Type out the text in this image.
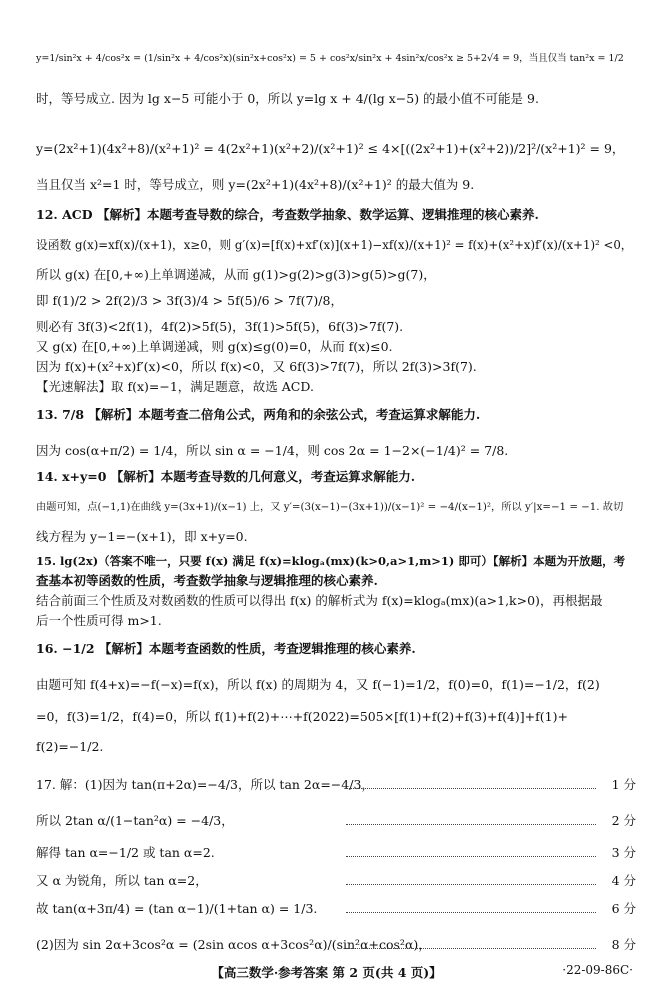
y=1/sin²x + 4/cos²x = (1/sin²x + 4/cos²x)(sin²x+cos²x) = 5 + cos²x/sin²x + 4sin²x/cos²x ≥ 5+2√4 = 9，当且仅当 tan²x = 1/2
时，等号成立. 因为 lg x−5 可能小于 0，所以 y=lg x + 4/(lg x−5) 的最小值不可能是 9.
y=(2x²+1)(4x²+8)/(x²+1)² = 4(2x²+1)(x²+2)/(x²+1)² ≤ 4×[((2x²+1)+(x²+2))/2]²/(x²+1)² = 9，
当且仅当 x²=1 时，等号成立，则 y=(2x²+1)(4x²+8)/(x²+1)² 的最大值为 9.
12. ACD 【解析】本题考查导数的综合，考查数学抽象、数学运算、逻辑推理的核心素养.
设函数 g(x)=xf(x)/(x+1)，x≥0，则 g′(x)=[f(x)+xf′(x)](x+1)−xf(x)/(x+1)² = f(x)+(x²+x)f′(x)/(x+1)² <0，
所以 g(x) 在[0,+∞)上单调递减，从而 g(1)>g(2)>g(3)>g(5)>g(7)，
即 f(1)/2 > 2f(2)/3 > 3f(3)/4 > 5f(5)/6 > 7f(7)/8，
则必有 3f(3)<2f(1)，4f(2)>5f(5)，3f(1)>5f(5)，6f(3)>7f(7).
又 g(x) 在[0,+∞)上单调递减，则 g(x)≤g(0)=0，从而 f(x)≤0.
因为 f(x)+(x²+x)f′(x)<0，所以 f(x)<0，又 6f(3)>7f(7)，所以 2f(3)>3f(7).
【光速解法】取 f(x)=−1，满足题意，故选 ACD.
13. 7/8 【解析】本题考查二倍角公式，两角和的余弦公式，考查运算求解能力.
因为 cos(α+π/2) = 1/4，所以 sin α = −1/4，则 cos 2α = 1−2×(−1/4)² = 7/8.
14. x+y=0 【解析】本题考查导数的几何意义，考查运算求解能力.
由题可知，点(−1,1)在曲线 y=(3x+1)/(x−1) 上，又 y′=(3(x−1)−(3x+1))/(x−1)² = −4/(x−1)²，所以 y′|x=−1 = −1. 故切
线方程为 y−1=−(x+1)，即 x+y=0.
15. lg(2x)（答案不唯一，只要 f(x) 满足 f(x)=klogₐ(mx)(k>0,a>1,m>1) 即可）【解析】本题为开放题，考
查基本初等函数的性质，考查数学抽象与逻辑推理的核心素养.
结合前面三个性质及对数函数的性质可以得出 f(x) 的解析式为 f(x)=klogₐ(mx)(a>1,k>0)，再根据最
后一个性质可得 m>1.
16. −1/2 【解析】本题考查函数的性质，考查逻辑推理的核心素养.
由题可知 f(4+x)=−f(−x)=f(x)，所以 f(x) 的周期为 4，又 f(−1)=1/2，f(0)=0，f(1)=−1/2，f(2)
=0，f(3)=1/2，f(4)=0，所以 f(1)+f(2)+⋯+f(2022)=505×[f(1)+f(2)+f(3)+f(4)]+f(1)+
f(2)=−1/2.
17. 解：(1)因为 tan(π+2α)=−4/3，所以 tan 2α=−4/3，	1 分
所以 2tan α/(1−tan²α) = −4/3，	2 分
解得 tan α=−1/2 或 tan α=2.	3 分
又 α 为锐角，所以 tan α=2，	4 分
故 tan(α+3π/4) = (tan α−1)/(1+tan α) = 1/3.	6 分
(2)因为 sin 2α+3cos²α = (2sin αcos α+3cos²α)/(sin²α+cos²α)，	8 分
【高三数学·参考答案 第 2 页(共 4 页)】	·22-09-86C·
